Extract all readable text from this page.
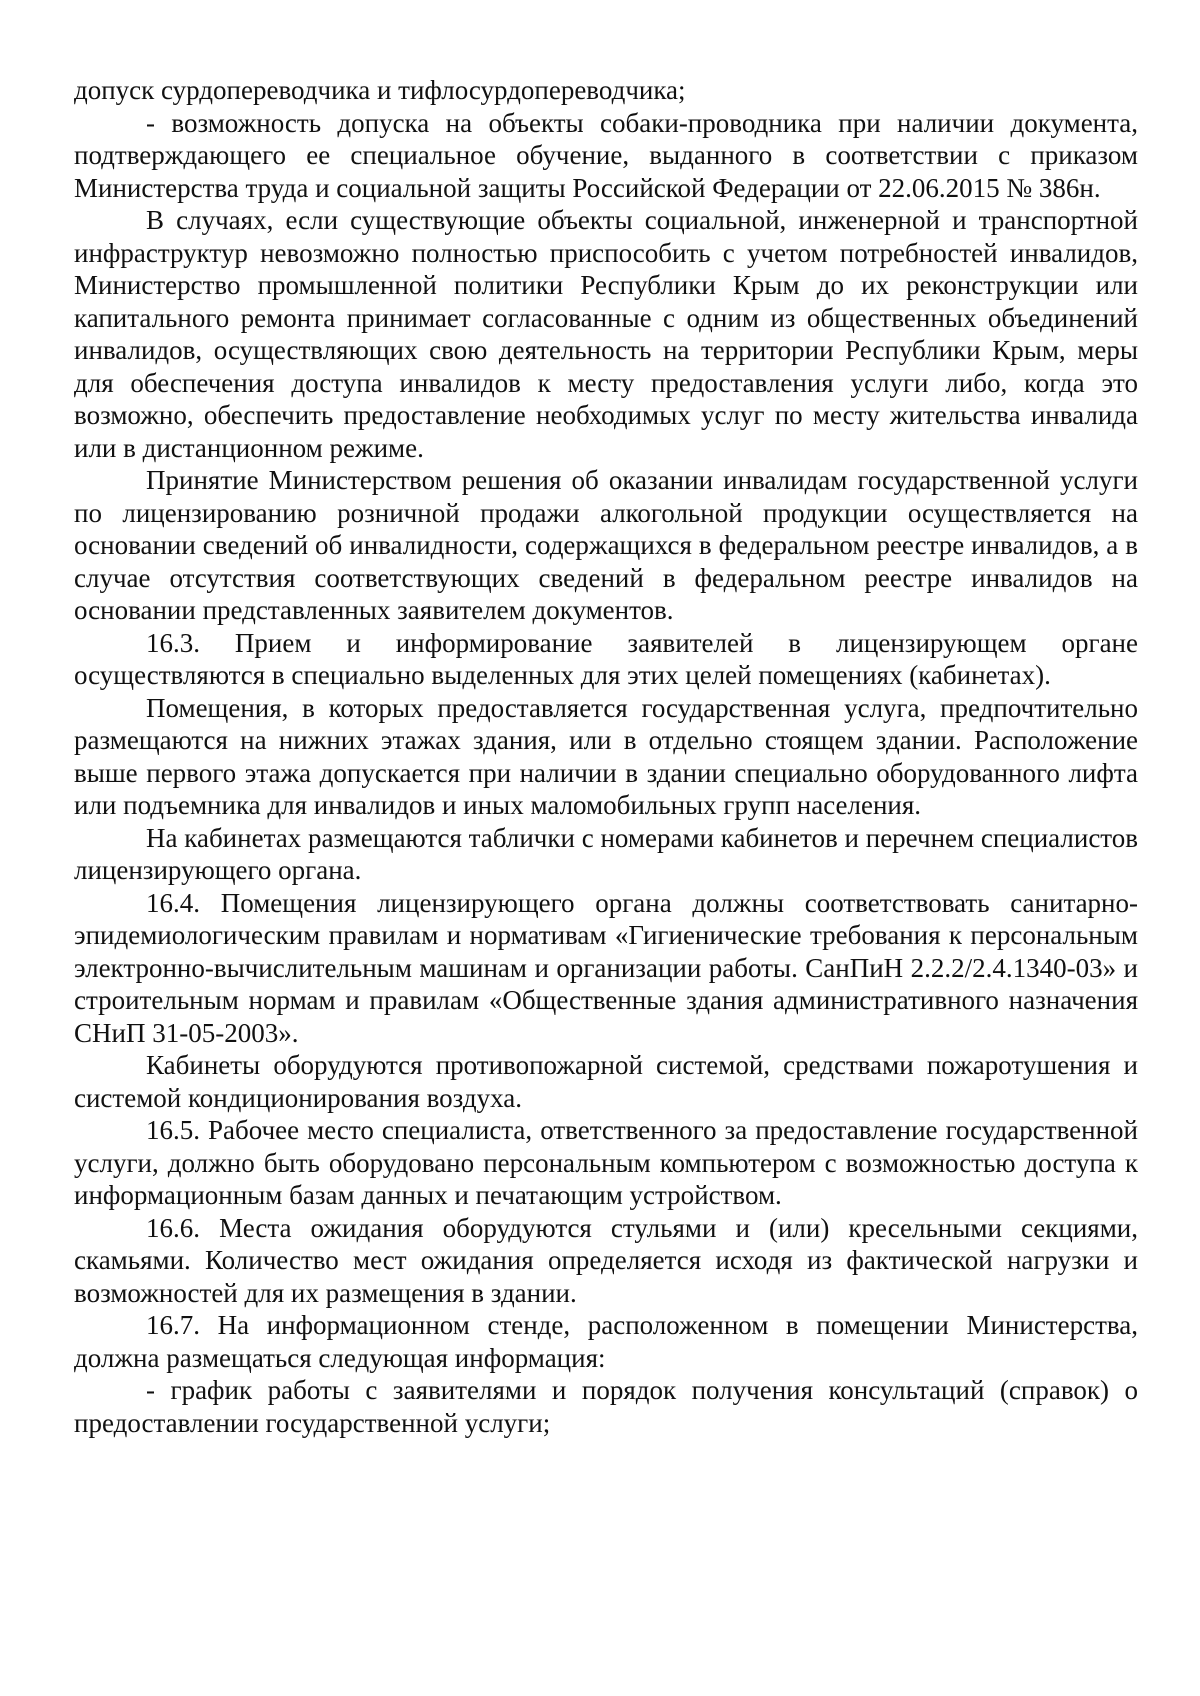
допуск сурдопереводчика и тифлосурдопереводчика;

- возможность допуска на объекты собаки-проводника при наличии документа, подтверждающего ее специальное обучение, выданного в соответствии с приказом Министерства труда и социальной защиты Российской Федерации от 22.06.2015 № 386н.

В случаях, если существующие объекты социальной, инженерной и транспортной инфраструктур невозможно полностью приспособить с учетом потребностей инвалидов, Министерство промышленной политики Республики Крым до их реконструкции или капитального ремонта принимает согласованные с одним из общественных объединений инвалидов, осуществляющих свою деятельность на территории Республики Крым, меры для обеспечения доступа инвалидов к месту предоставления услуги либо, когда это возможно, обеспечить предоставление необходимых услуг по месту жительства инвалида или в дистанционном режиме.

Принятие Министерством решения об оказании инвалидам государственной услуги по лицензированию розничной продажи алкогольной продукции осуществляется на основании сведений об инвалидности, содержащихся в федеральном реестре инвалидов, а в случае отсутствия соответствующих сведений в федеральном реестре инвалидов на основании представленных заявителем документов.

16.3. Прием и информирование заявителей в лицензирующем органе осуществляются в специально выделенных для этих целей помещениях (кабинетах).

Помещения, в которых предоставляется государственная услуга, предпочтительно размещаются на нижних этажах здания, или в отдельно стоящем здании. Расположение выше первого этажа допускается при наличии в здании специально оборудованного лифта или подъемника для инвалидов и иных маломобильных групп населения.

На кабинетах размещаются таблички с номерами кабинетов и перечнем специалистов лицензирующего органа.

16.4. Помещения лицензирующего органа должны соответствовать санитарно-эпидемиологическим правилам и нормативам «Гигиенические требования к персональным электронно-вычислительным машинам и организации работы. СанПиН 2.2.2/2.4.1340-03» и строительным нормам и правилам «Общественные здания административного назначения СНиП 31-05-2003».

Кабинеты оборудуются противопожарной системой, средствами пожаротушения и системой кондиционирования воздуха.

16.5. Рабочее место специалиста, ответственного за предоставление государственной услуги, должно быть оборудовано персональным компьютером с возможностью доступа к информационным базам данных и печатающим устройством.

16.6. Места ожидания оборудуются стульями и (или) кресельными секциями, скамьями. Количество мест ожидания определяется исходя из фактической нагрузки и возможностей для их размещения в здании.

16.7. На информационном стенде, расположенном в помещении Министерства, должна размещаться следующая информация:

- график работы с заявителями и порядок получения консультаций (справок) о предоставлении государственной услуги;
